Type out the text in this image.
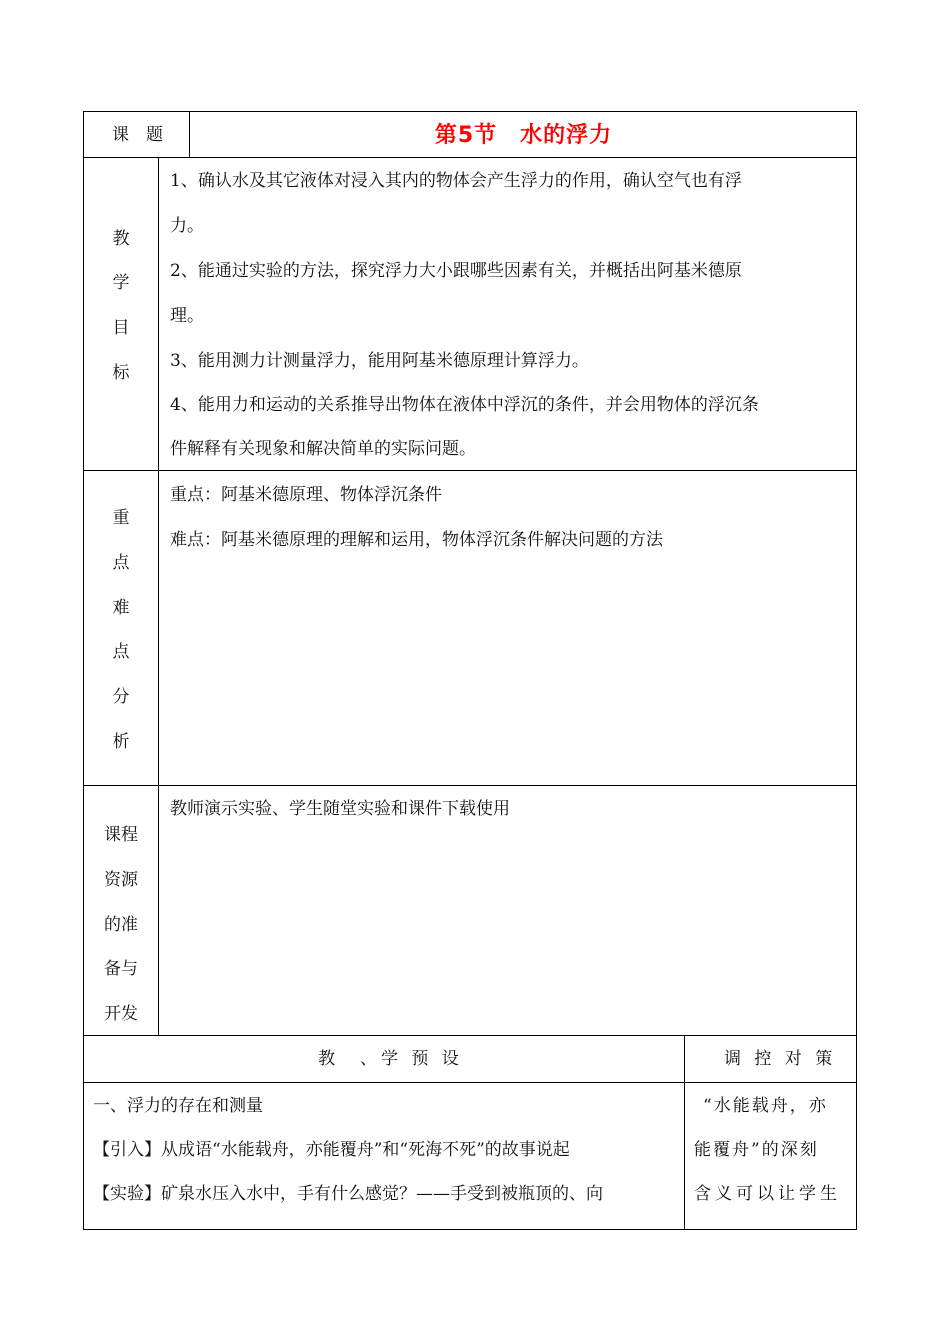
课　题	第5节　水的浮力
教
学
目
标
1、确认水及其它液体对浸入其内的物体会产生浮力的作用，确认空气也有浮
力。
2、能通过实验的方法，探究浮力大小跟哪些因素有关，并概括出阿基米德原
理。
3、能用测力计测量浮力，能用阿基米德原理计算浮力。
4、能用力和运动的关系推导出物体在液体中浮沉的条件，并会用物体的浮沉条
件解释有关现象和解决简单的实际问题。
重
点
难
点
分
析
重点：阿基米德原理、物体浮沉条件
难点：阿基米德原理的理解和运用，物体浮沉条件解决问题的方法
课程
资源
的准
备与
开发
教师演示实验、学生随堂实验和课件下载使用
教　、学 预 设	调 控 对 策
一、浮力的存在和测量
【引入】从成语“水能载舟，亦能覆舟”和“死海不死”的故事说起
【实验】矿泉水压入水中，手有什么感觉？——手受到被瓶顶的、向
“水能载舟，亦
能覆舟”的深刻
含义可以让学生
